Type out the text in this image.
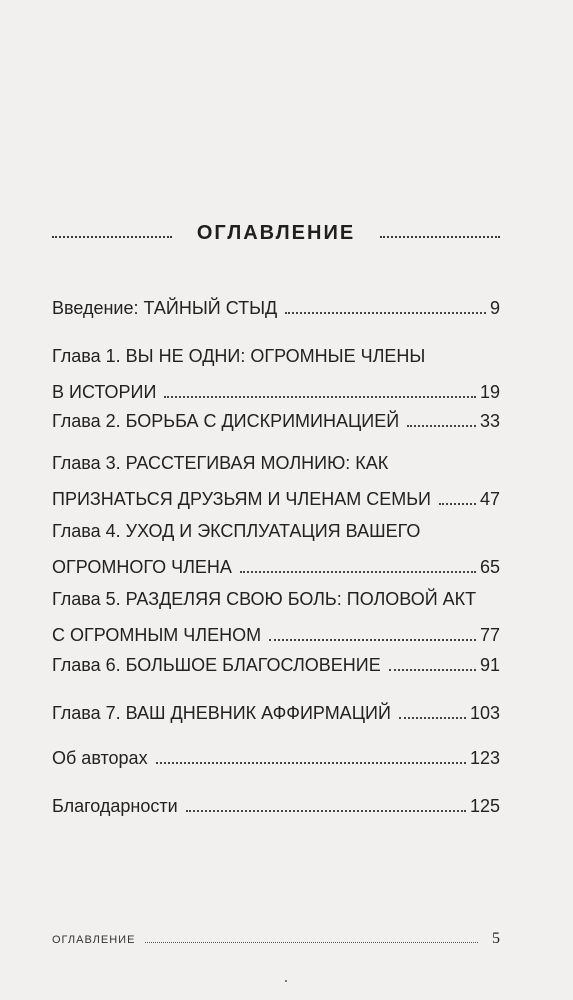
ОГЛАВЛЕНИЕ
Введение: ТАЙНЫЙ СТЫД	9
Глава 1. ВЫ НЕ ОДНИ: ОГРОМНЫЕ ЧЛЕНЫ
В ИСТОРИИ	19
Глава 2. БОРЬБА С ДИСКРИМИНАЦИЕЙ	33
Глава 3. РАССТЕГИВАЯ МОЛНИЮ: КАК
ПРИЗНАТЬСЯ ДРУЗЬЯМ И ЧЛЕНАМ СЕМЬИ	47
Глава 4. УХОД И ЭКСПЛУАТАЦИЯ ВАШЕГО
ОГРОМНОГО ЧЛЕНА	65
Глава 5. РАЗДЕЛЯЯ СВОЮ БОЛЬ: ПОЛОВОЙ АКТ
С ОГРОМНЫМ ЧЛЕНОМ	77
Глава 6. БОЛЬШОЕ БЛАГОСЛОВЕНИЕ	91
Глава 7. ВАШ ДНЕВНИК АФФИРМАЦИЙ	103
Об авторах	123
Благодарности	125
ОГЛАВЛЕНИЕ	5
